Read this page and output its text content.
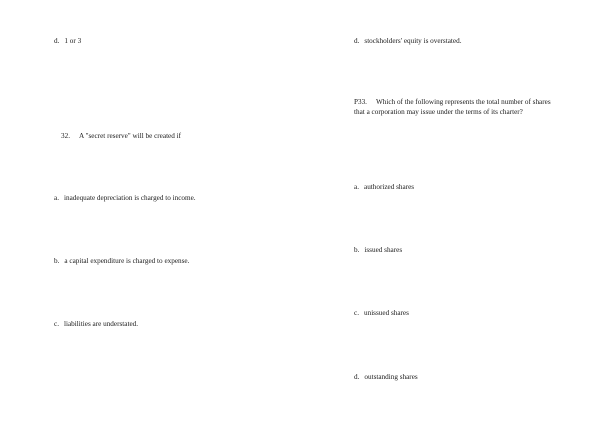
d. 1 or 3
32. A "secret reserve" will be created if
a. inadequate depreciation is charged to income.
b. a capital expenditure is charged to expense.
c. liabilities are understated.
d. stockholders' equity is overstated.
P33. Which of the following represents the total number of shares that a corporation may issue under the terms of its charter?
a. authorized shares
b. issued shares
c. unissued shares
d. outstanding shares
